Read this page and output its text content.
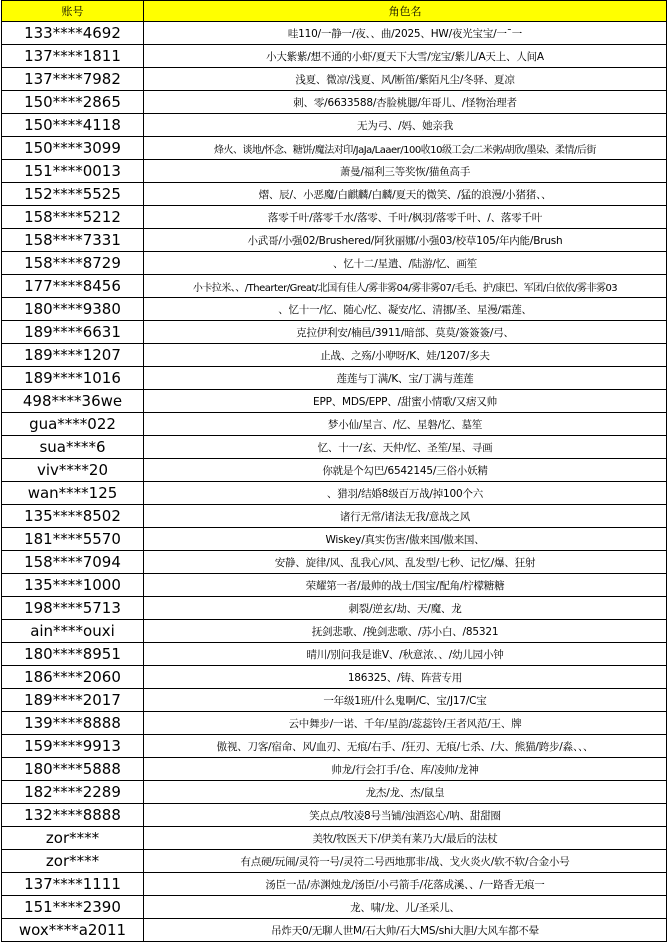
账号	角色名
133****4692	哇110/一静一/夜、、曲/2025、HW/夜光宝宝/一ˉ一
137****1811	小大紫紫/想不通的小虾/夏天下大雪/宠宝/紫儿/A天上、人间A
137****7982	浅夏、微凉/浅夏、风/断笛/紫陌凡尘/冬驿、夏凉
150****2865	刺、零/6633588/杏脸桃腮/年哥儿、/怪物治理者
150****4118	无为弓、/妈、她亲我
150****3099	烽火、谈地/怀念、糖饼/魔法对印/JaJa/Laaer/100收10级工会/二米粥/胡欣/墨染、柔情/后街
151****0013	萧曼/福利三等奖恢/猫鱼高手
152****5525	熠、辰/、小恶魔/白麒麟/白麟/夏天的微笑、/猛的浪漫/小猪猪、、
158****5212	落零千叶/落零千水/落零、千叶/枫羽/落零千叶、/、落零千叶
158****7331	小武哥/小强02/Brushered/阿狄丽娜/小强03/校草105/年内能/Brush
158****8729	、忆十二/星遣、/陆游/忆、画笙
177****8456	小卡拉米、、/Thearter/Great/北国有佳人/雾非雾04/雾非雾07/毛毛、护/康巴、军团/白依依/雾非雾03
180****9380	、忆十一/忆、随心/忆、凝安/忆、清挪/圣、星漫/霜莲、
189****6631	克拉伊利安/楠邑/3911/暗部、莫莫/簽簽簽/弓、
189****1207	止战、之殇/小咿呀/K、娃/1207/多夫
189****1016	莲莲与丁满/K、宝/丁满与莲莲
498****36we	EPP、MDS/EPP、/甜蜜小情歌/又痞又帅
gua****022	梦小仙/星言、/忆、星磐/忆、墓笙
sua****6	忆、十一/玄、天仲/忆、圣笙/星、寻画
viv****20	你就是个勾巴/6542145/三俗小妖精
wan****125	、猎羽/结婚8级百万战/掉100个六
135****8502	诸行无常/诸法无我/意战之风
181****5570	Wiskey/真实伤害/傲来国/傲来国、
158****7094	安静、旋律/风、乱我心/风、乱发型/七秒、记忆/爆、狂射
135****1000	荣耀第一者/最帅的战士/国宝/配角/柠檬糖糖
198****5713	刺裂/逆玄/劫、天/魔、龙
ain****ouxi	抚剑悲歌、/挽剑悲歌、/苏小白、/85321
180****8951	晴川/别问我是谁V、/秋意浓、、/幼儿园小钟
186****2060	186325、/铸、阵营专用
189****2017	一年级1班/什么鬼啊/C、宝/J17/C宝
139****8888	云中舞步/一诺、千年/星韵/蕊蕊铃/王者风范/王、牌
159****9913	傲视、刀客/宿命、风/血刃、无痕/右手、/狂刃、无痕/七杀、/大、熊猫/跨步/淼、、、
180****5888	帅龙/行会打手/仓、库/凌帅/龙神
182****2289	龙杰/龙、杰/鼠皇
132****8888	笑点点/牧凌8号当铺/浊酒恣心/呐、甜甜圈
zor****	美牧/牧医天下/伊美有莱乃大/最后的法杖
zor****	有点硬/玩闹/灵符一号/灵符二号西地那非/战、戈火炎火/软不软/合金小号
137****1111	汤臣一品/赤渊烛龙/汤臣/小弓箭手/花落成溪、、/一路香无痕一
151****2390	龙、啸/龙、儿/圣采儿、
wox****a2011	吊炸天0/无聊人世M/石大帅/石大MS/shi大胆/大风车都不晕
